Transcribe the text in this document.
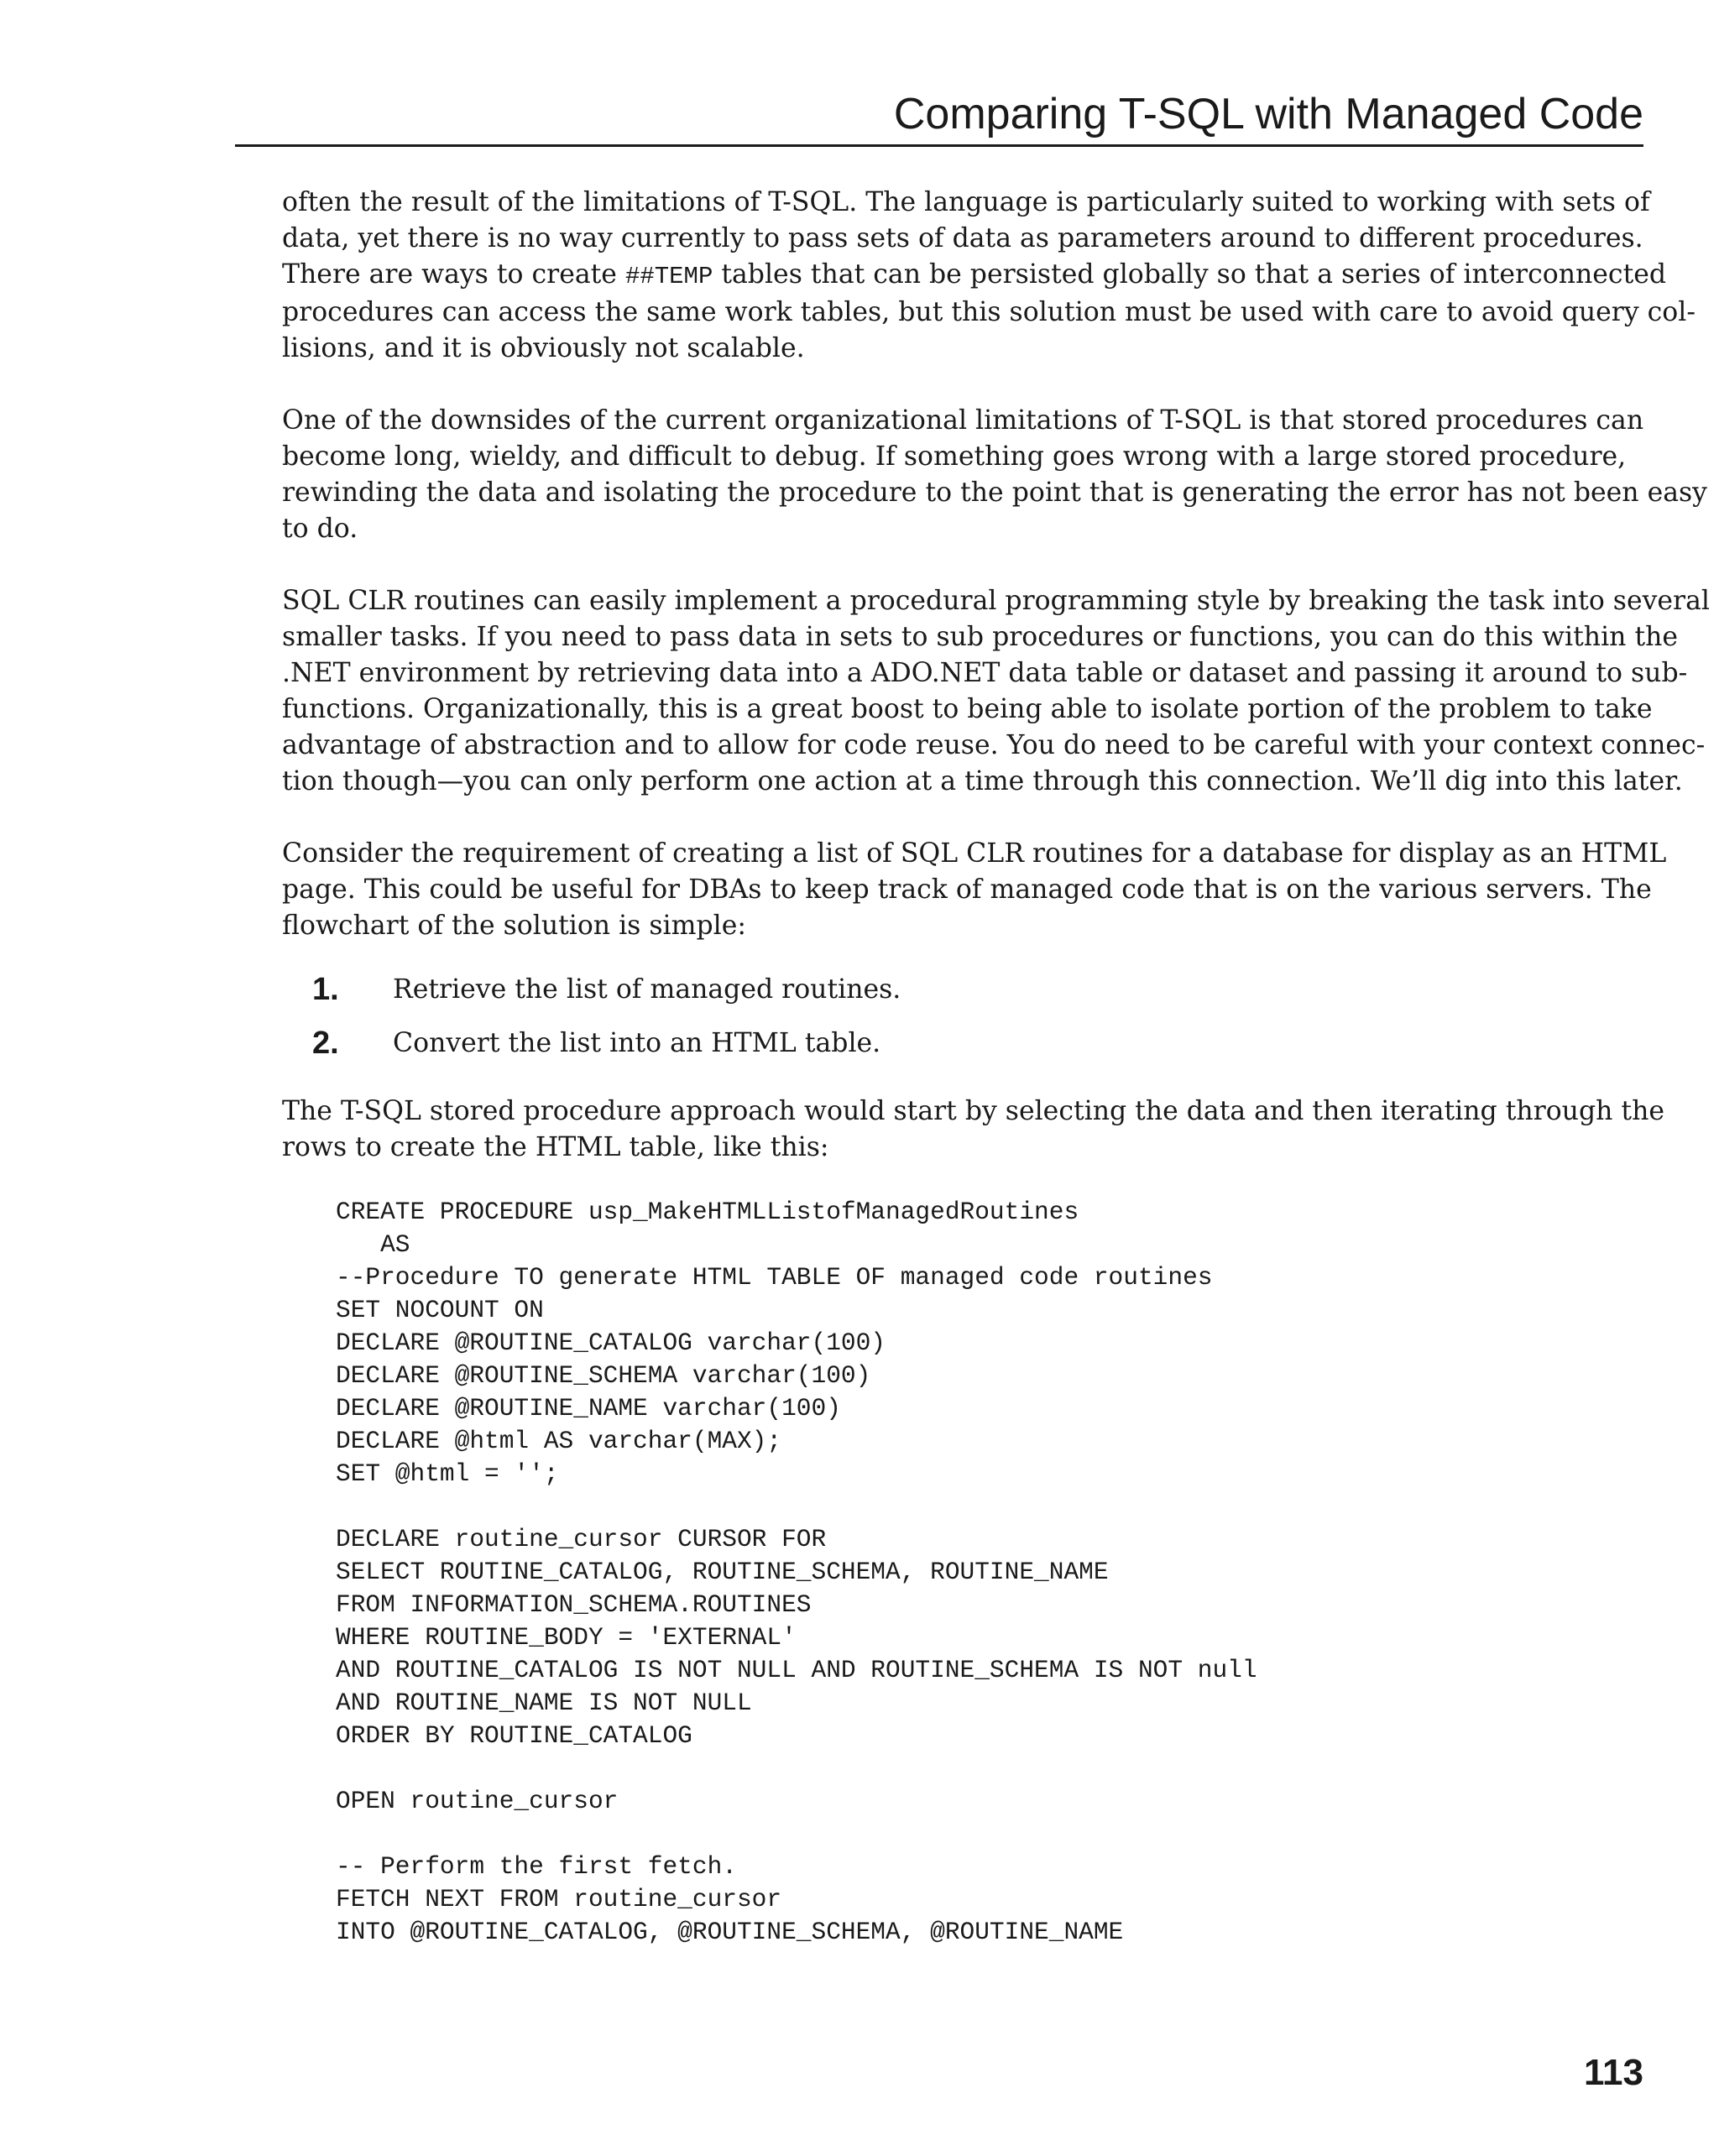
Comparing T-SQL with Managed Code

often the result of the limitations of T-SQL. The language is particularly suited to working with sets of
data, yet there is no way currently to pass sets of data as parameters around to different procedures.
There are ways to create ##TEMP tables that can be persisted globally so that a series of interconnected
procedures can access the same work tables, but this solution must be used with care to avoid query col-
lisions, and it is obviously not scalable.

One of the downsides of the current organizational limitations of T-SQL is that stored procedures can
become long, wieldy, and difficult to debug. If something goes wrong with a large stored procedure,
rewinding the data and isolating the procedure to the point that is generating the error has not been easy
to do.

SQL CLR routines can easily implement a procedural programming style by breaking the task into several
smaller tasks. If you need to pass data in sets to sub procedures or functions, you can do this within the
.NET environment by retrieving data into a ADO.NET data table or dataset and passing it around to sub-
functions. Organizationally, this is a great boost to being able to isolate portion of the problem to take
advantage of abstraction and to allow for code reuse. You do need to be careful with your context connec-
tion though—you can only perform one action at a time through this connection. We’ll dig into this later.

Consider the requirement of creating a list of SQL CLR routines for a database for display as an HTML
page. This could be useful for DBAs to keep track of managed code that is on the various servers. The
flowchart of the solution is simple:

1. Retrieve the list of managed routines.
2. Convert the list into an HTML table.

The T-SQL stored procedure approach would start by selecting the data and then iterating through the
rows to create the HTML table, like this:

CREATE PROCEDURE usp_MakeHTMLListofManagedRoutines
AS
--Procedure TO generate HTML TABLE OF managed code routines
SET NOCOUNT ON
DECLARE @ROUTINE_CATALOG varchar(100)
DECLARE @ROUTINE_SCHEMA varchar(100)
DECLARE @ROUTINE_NAME varchar(100)
DECLARE @html AS varchar(MAX);
SET @html = '';
DECLARE routine_cursor CURSOR FOR
SELECT ROUTINE_CATALOG, ROUTINE_SCHEMA, ROUTINE_NAME
FROM INFORMATION_SCHEMA.ROUTINES
WHERE ROUTINE_BODY = 'EXTERNAL'
AND ROUTINE_CATALOG IS NOT NULL AND ROUTINE_SCHEMA IS NOT null
AND ROUTINE_NAME IS NOT NULL
ORDER BY ROUTINE_CATALOG
OPEN routine_cursor
-- Perform the first fetch.
FETCH NEXT FROM routine_cursor
INTO @ROUTINE_CATALOG, @ROUTINE_SCHEMA, @ROUTINE_NAME
113
